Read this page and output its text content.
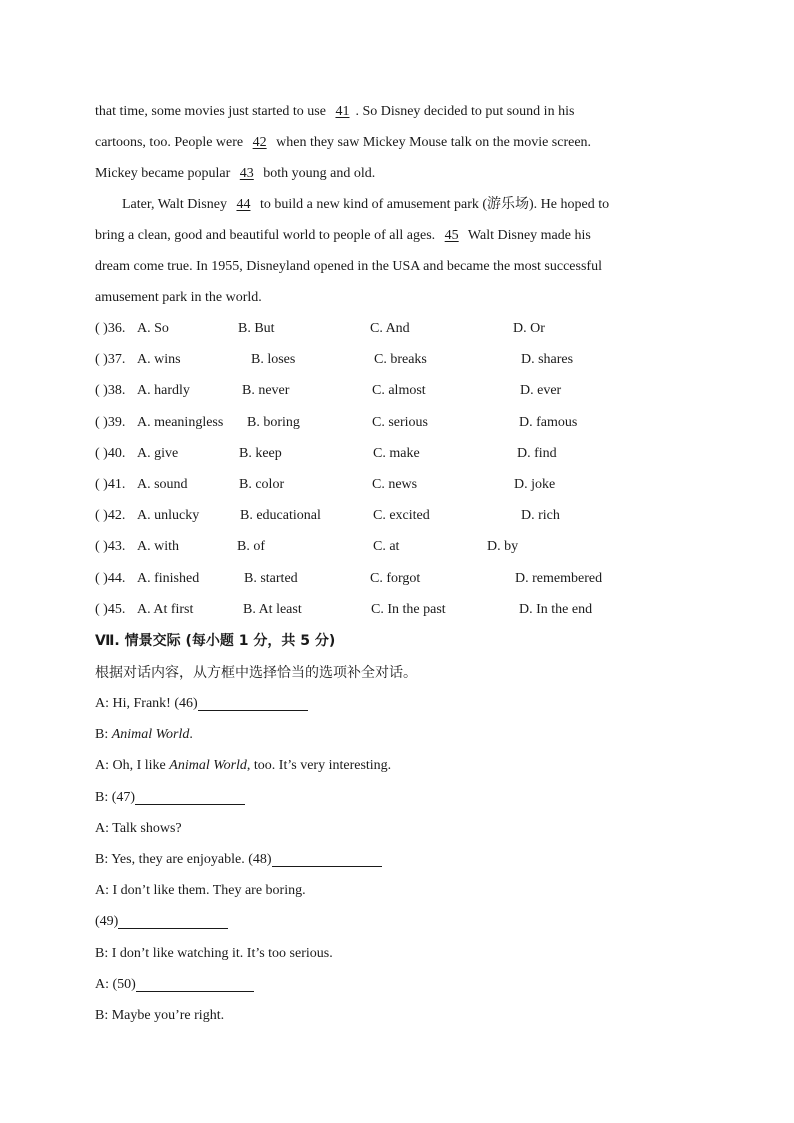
that time, some movies just started to use 41 . So Disney decided to put sound in his
cartoons, too. People were 42 when they saw Mickey Mouse talk on the movie screen.
Mickey became popular 43 both young and old.
Later, Walt Disney 44 to build a new kind of amusement park (游乐场). He hoped to
bring a clean, good and beautiful world to people of all ages. 45 Walt Disney made his
dream come true. In 1955, Disneyland opened in the USA and became the most successful
amusement park in the world.
( )36. A. So	B. But	C. And	D. Or
( )37. A. wins	B. loses	C. breaks	D. shares
( )38. A. hardly	B. never	C. almost	D. ever
( )39. A. meaningless B. boring	C. serious	D. famous
( )40. A. give	B. keep	C. make	D. find
( )41. A. sound	B. color	C. news	D. joke
( )42. A. unlucky	B. educational	C. excited	D. rich
( )43. A. with	B. of	C. at	D. by
( )44. A. finished	B. started	C. forgot	D. remembered
( )45. A. At first	B. At least	C. In the past	D. In the end
Ⅶ. 情景交际 (每小题 1 分，共 5 分)
根据对话内容，从方框中选择恰当的选项补全对话。
A: Hi, Frank! (46)
B: Animal World.
A: Oh, I like Animal World, too. It’s very interesting.
B: (47)
A: Talk shows?
B: Yes, they are enjoyable. (48)
A: I don’t like them. They are boring.
(49)
B: I don’t like watching it. It’s too serious.
A: (50)
B: Maybe you’re right.
